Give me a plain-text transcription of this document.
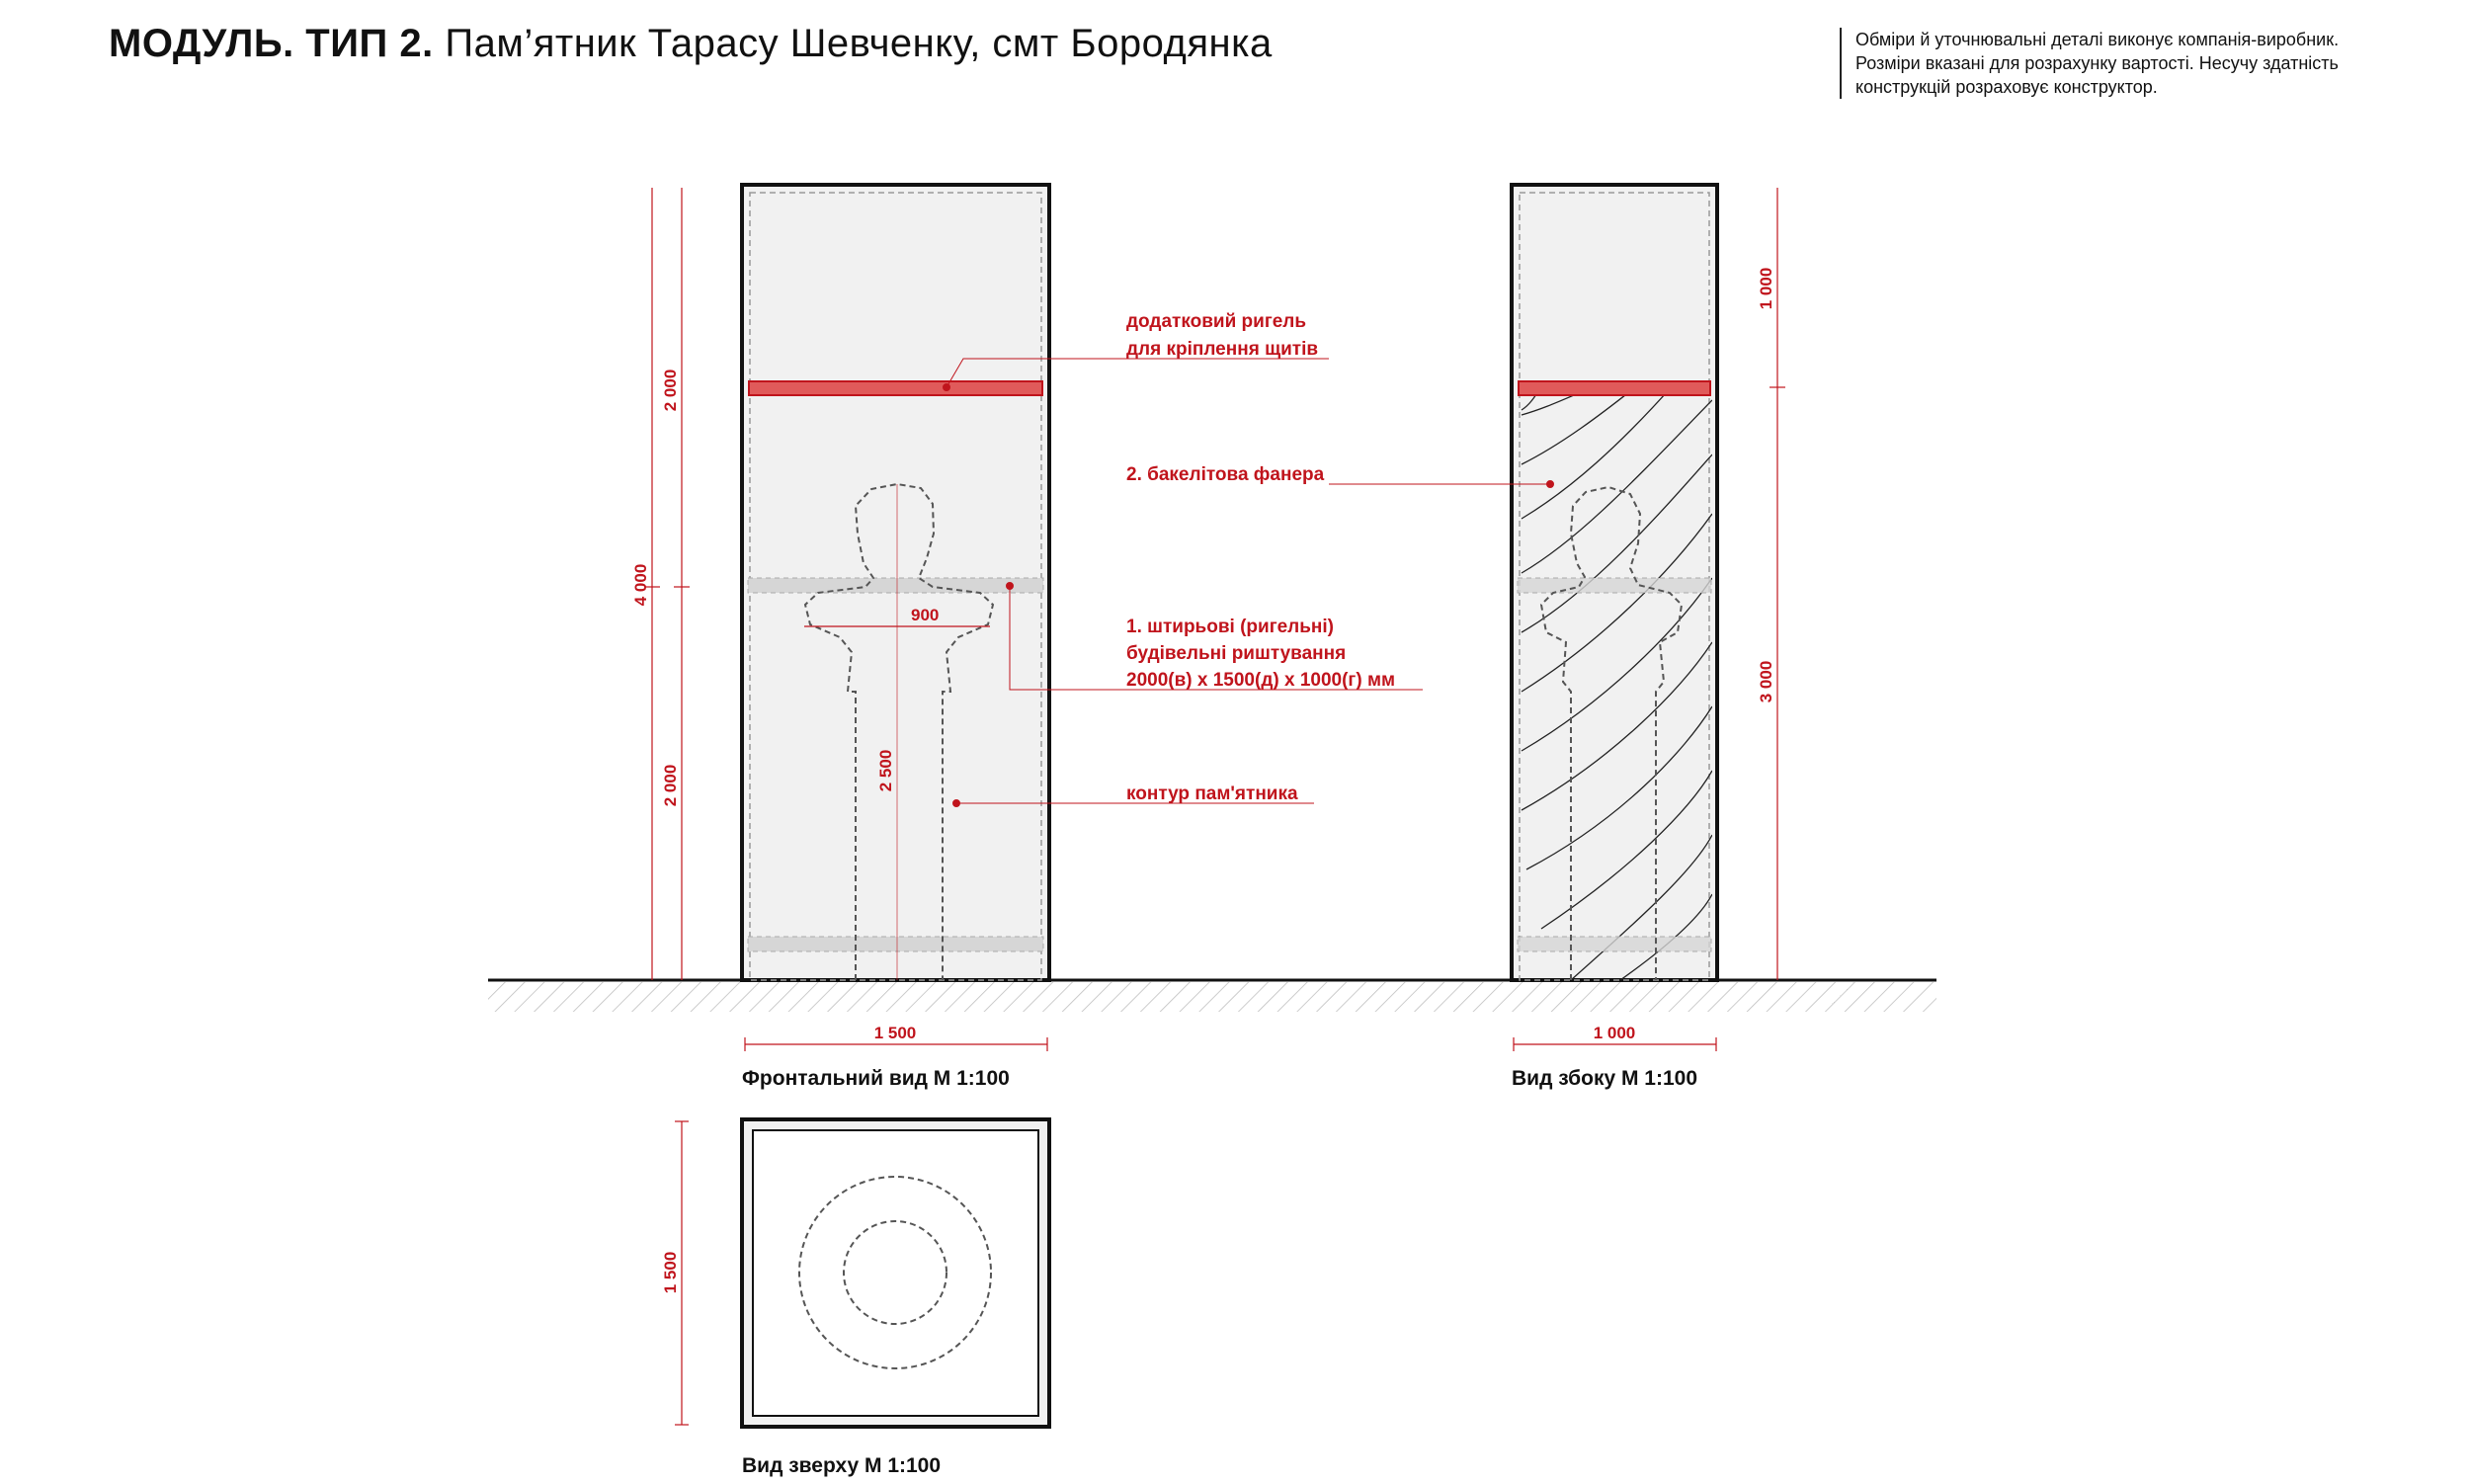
МОДУЛЬ. ТИП 2. Пам’ятник Тарасу Шевченку, смт Бородянка	Обміри й уточнювальні деталі виконує компанія-виробник.
Розміри вказані для розрахунку вартості. Несучу здатність
конструкцій розраховує конструктор.
900
2 500
4 000
2 000
2 000
1 500
1 000
3 000
1 000
додатковий ригель
для кріплення щитів
2. бакелітова фанера
1. штирьові (ригельні)
будівельні риштування
2000(в) x 1500(д) x 1000(г) мм
контур пам'ятника
Фронтальний вид М 1:100	Вид збоку М 1:100
1 500
Вид зверху М 1:100
